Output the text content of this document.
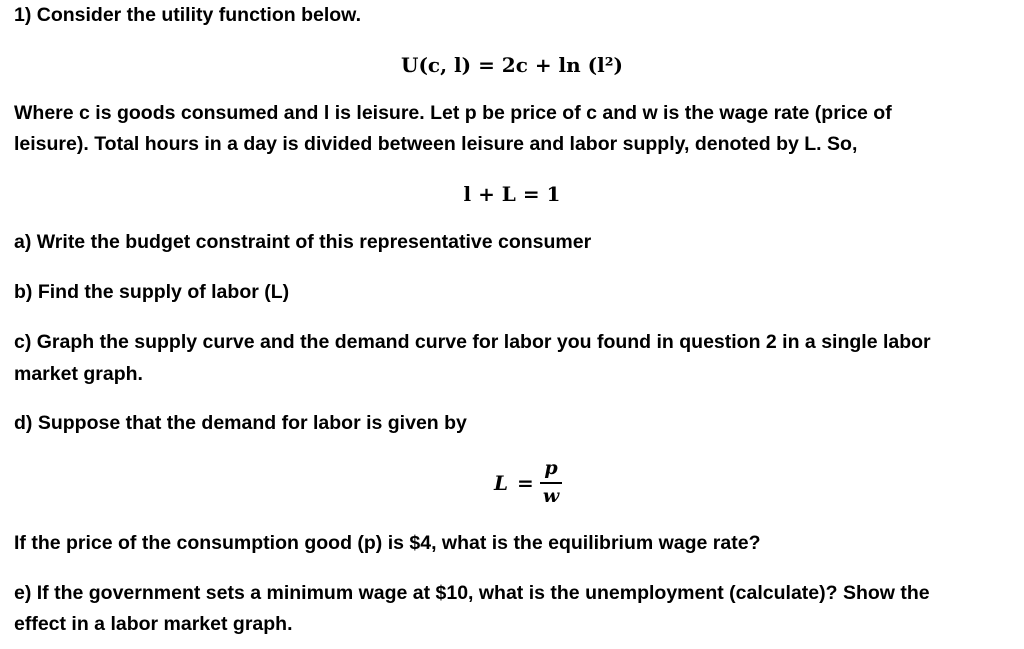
1) Consider the utility function below.
U(c, l) = 2c + ln (l²)
Where c is goods consumed and l is leisure. Let p be price of c and w is the wage rate (price of
leisure). Total hours in a day is divided between leisure and labor supply, denoted by L. So,
l + L = 1
a) Write the budget constraint of this representative consumer
b) Find the supply of labor (L)
c) Graph the supply curve and the demand curve for labor you found in question 2 in a single labor
market graph.
d) Suppose that the demand for labor is given by
L =
p
w
If the price of the consumption good (p) is $4, what is the equilibrium wage rate?
e) If the government sets a minimum wage at $10, what is the unemployment (calculate)? Show the
effect in a labor market graph.
